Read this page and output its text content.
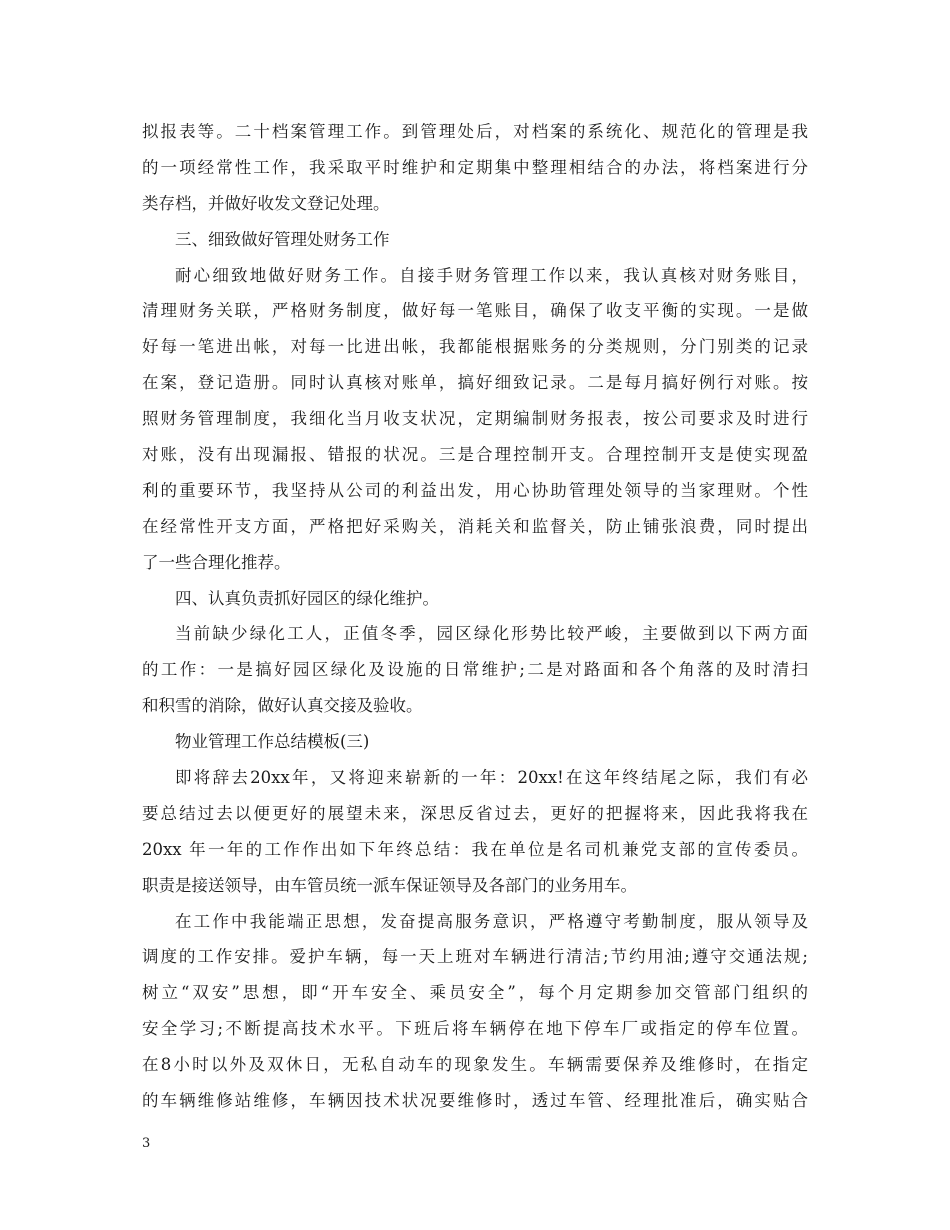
拟报表等。二十档案管理工作。到管理处后，对档案的系统化、规范化的管理是我
的一项经常性工作，我采取平时维护和定期集中整理相结合的办法，将档案进行分
类存档，并做好收发文登记处理。
三、细致做好管理处财务工作
耐心细致地做好财务工作。自接手财务管理工作以来，我认真核对财务账目，
清理财务关联，严格财务制度，做好每一笔账目，确保了收支平衡的实现。一是做
好每一笔进出帐，对每一比进出帐，我都能根据账务的分类规则，分门别类的记录
在案，登记造册。同时认真核对账单，搞好细致记录。二是每月搞好例行对账。按
照财务管理制度，我细化当月收支状况，定期编制财务报表，按公司要求及时进行
对账，没有出现漏报、错报的状况。三是合理控制开支。合理控制开支是使实现盈
利的重要环节，我坚持从公司的利益出发，用心协助管理处领导的当家理财。个性
在经常性开支方面，严格把好采购关，消耗关和监督关，防止铺张浪费，同时提出
了一些合理化推荐。
四、认真负责抓好园区的绿化维护。
当前缺少绿化工人，正值冬季，园区绿化形势比较严峻，主要做到以下两方面
的工作：一是搞好园区绿化及设施的日常维护;二是对路面和各个角落的及时清扫
和积雪的消除，做好认真交接及验收。
物业管理工作总结模板(三)
即将辞去20xx年，又将迎来崭新的一年：20xx!在这年终结尾之际，我们有必
要总结过去以便更好的展望未来，深思反省过去，更好的把握将来，因此我将我在
20xx 年一年的工作作出如下年终总结：我在单位是名司机兼党支部的宣传委员。
职责是接送领导，由车管员统一派车保证领导及各部门的业务用车。
在工作中我能端正思想，发奋提高服务意识，严格遵守考勤制度，服从领导及
调度的工作安排。爱护车辆，每一天上班对车辆进行清洁;节约用油;遵守交通法规;
树立“双安”思想，即“开车安全、乘员安全”，每个月定期参加交管部门组织的
安全学习;不断提高技术水平。下班后将车辆停在地下停车厂或指定的停车位置。
在8小时以外及双休日，无私自动车的现象发生。车辆需要保养及维修时，在指定
的车辆维修站维修，车辆因技术状况要维修时，透过车管、经理批准后，确实贴合
3
